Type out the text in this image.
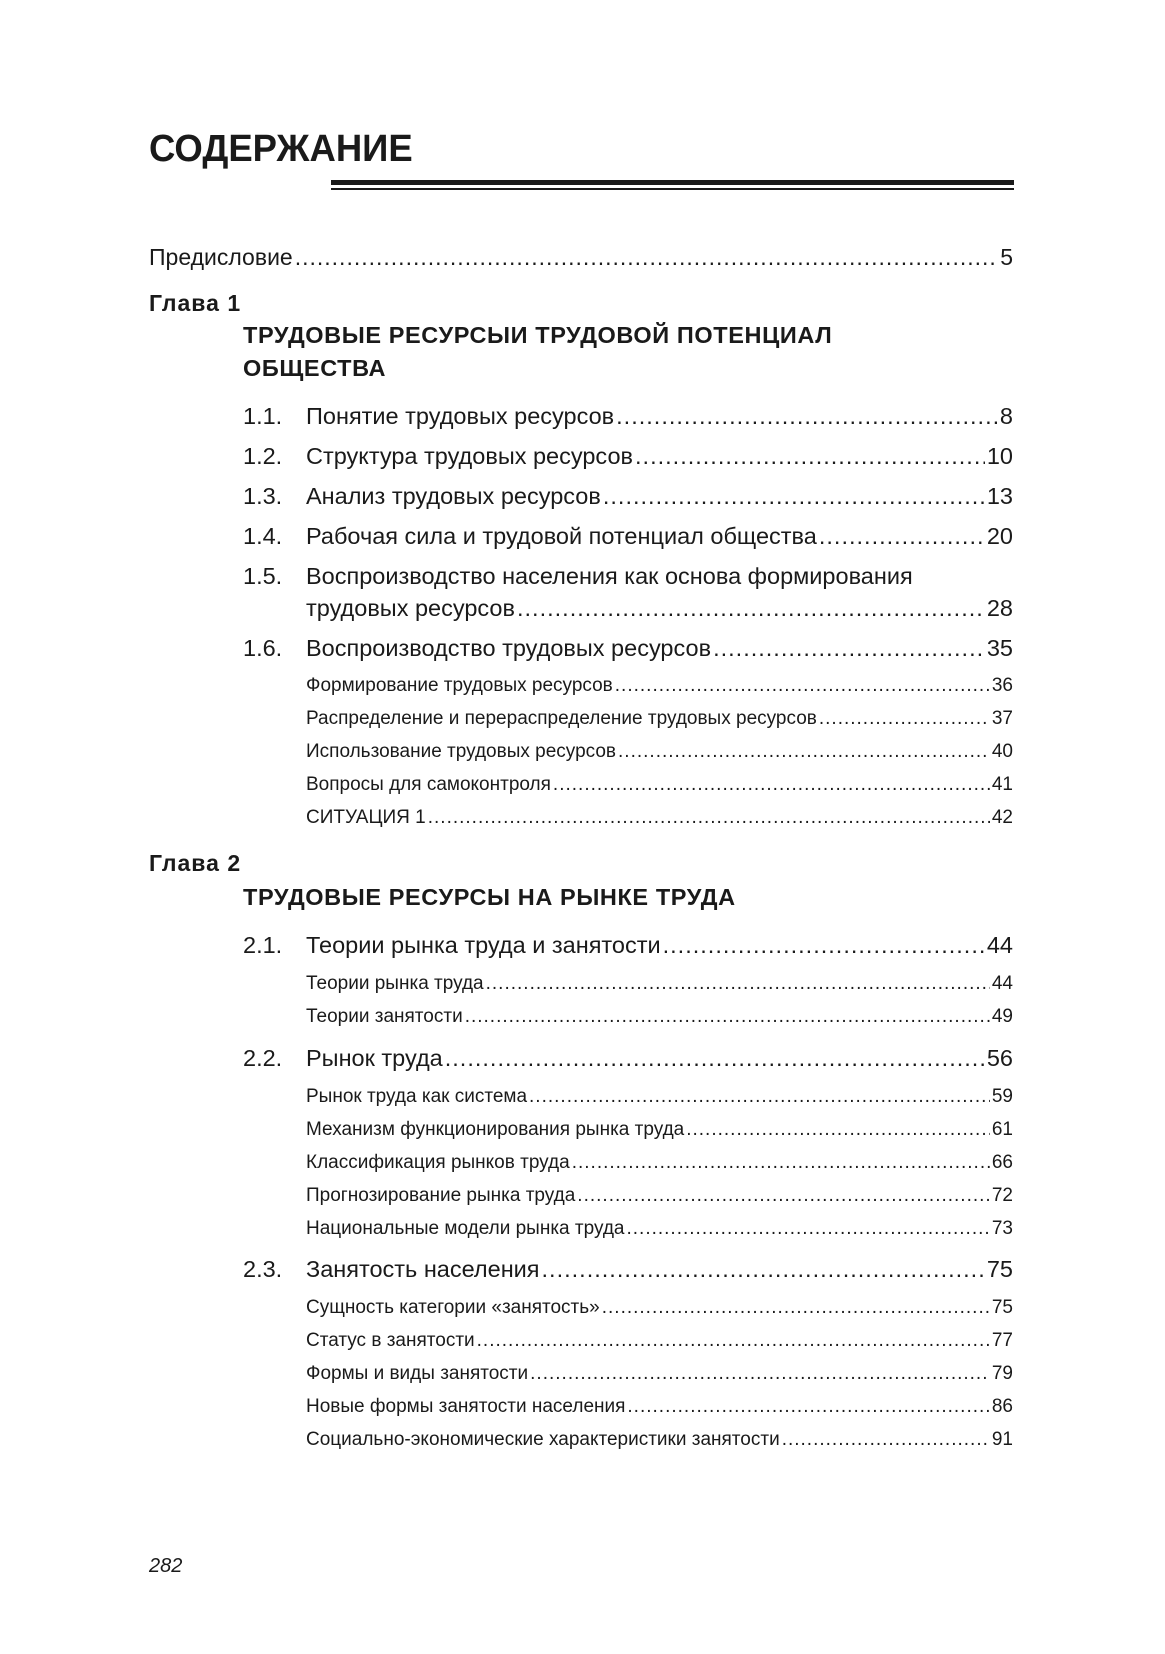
СОДЕРЖАНИЕ
Предисловие .....	5
Глава 1
ТРУДОВЫЕ РЕСУРСЫИ ТРУДОВОЙ ПОТЕНЦИАЛ
ОБЩЕСТВА
1.1.	Понятие трудовых ресурсов .....	8
1.2.	Структура трудовых ресурсов .....	10
1.3.	Анализ трудовых ресурсов .....	13
1.4.	Рабочая сила и трудовой потенциал общества .....	20
1.5. Воспроизводство населения как основа формирования
трудовых ресурсов .....	28
1.6.	Воспроизводство трудовых ресурсов .....	35
Формирование трудовых ресурсов .....	36
Распределение и перераспределение трудовых ресурсов .....	37
Использование трудовых ресурсов .....	40
Вопросы для самоконтроля .....	41
СИТУАЦИЯ 1 .....	42
Глава 2
ТРУДОВЫЕ РЕСУРСЫ НА РЫНКЕ ТРУДА
2.1.	Теории рынка труда и занятости .....	44
Теории рынка труда .....	44
Теории занятости .....	49
2.2.	Рынок труда .....	56
Рынок труда как система .....	59
Механизм функционирования рынка труда .....	61
Классификация рынков труда .....	66
Прогнозирование рынка труда .....	72
Национальные модели рынка труда .....	73
2.3.	Занятость населения .....	75
Сущность категории «занятость» .....	75
Статус в занятости .....	77
Формы и виды занятости .....	79
Новые формы занятости населения .....	86
Социально-экономические характеристики занятости .....	91
282
